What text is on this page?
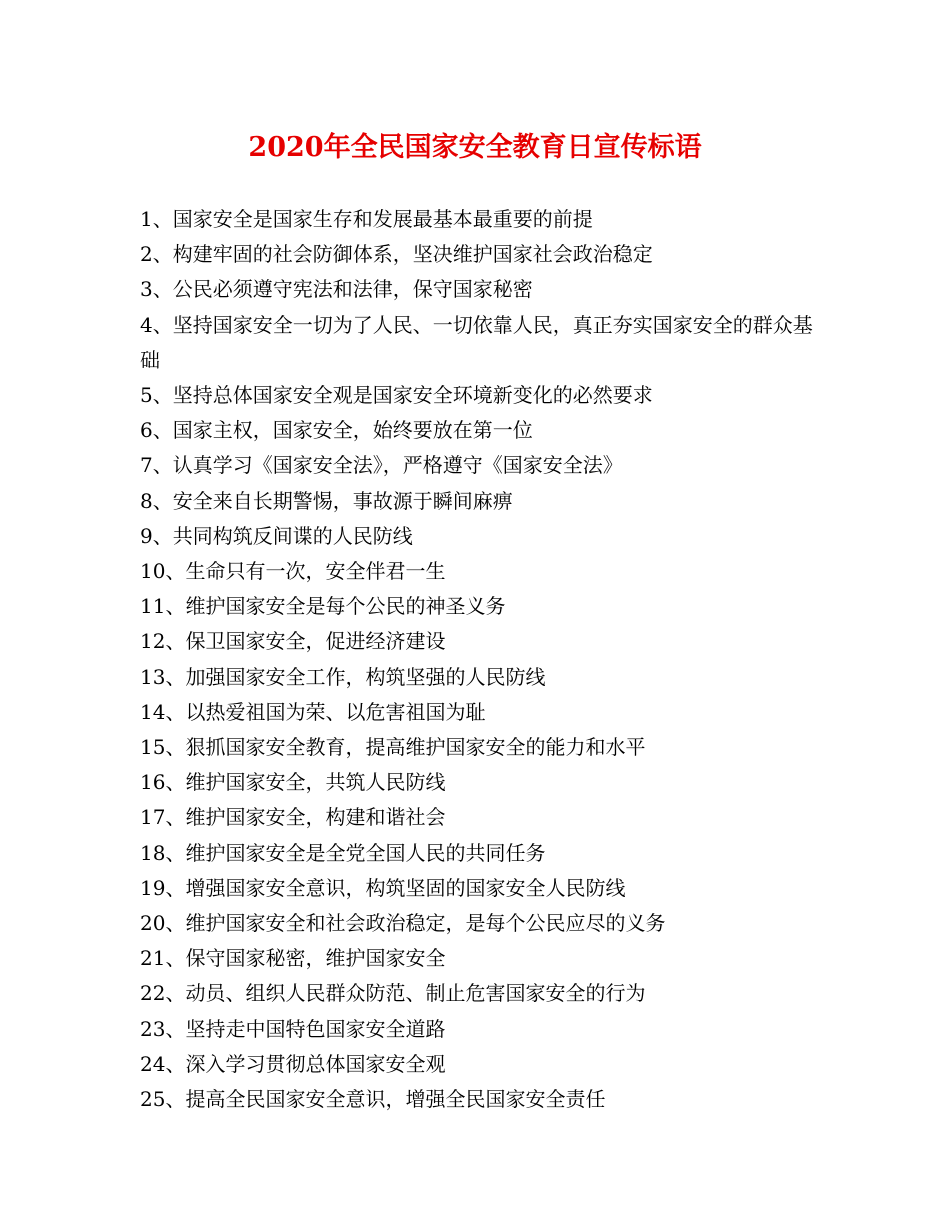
2020年全民国家安全教育日宣传标语
1、国家安全是国家生存和发展最基本最重要的前提
2、构建牢固的社会防御体系，坚决维护国家社会政治稳定
3、公民必须遵守宪法和法律，保守国家秘密
4、坚持国家安全一切为了人民、一切依靠人民，真正夯实国家安全的群众基础
5、坚持总体国家安全观是国家安全环境新变化的必然要求
6、国家主权，国家安全，始终要放在第一位
7、认真学习《国家安全法》，严格遵守《国家安全法》
8、安全来自长期警惕，事故源于瞬间麻痹
9、共同构筑反间谍的人民防线
10、生命只有一次，安全伴君一生
11、维护国家安全是每个公民的神圣义务
12、保卫国家安全，促进经济建设
13、加强国家安全工作，构筑坚强的人民防线
14、以热爱祖国为荣、以危害祖国为耻
15、狠抓国家安全教育，提高维护国家安全的能力和水平
16、维护国家安全，共筑人民防线
17、维护国家安全，构建和谐社会
18、维护国家安全是全党全国人民的共同任务
19、增强国家安全意识，构筑坚固的国家安全人民防线
20、维护国家安全和社会政治稳定，是每个公民应尽的义务
21、保守国家秘密，维护国家安全
22、动员、组织人民群众防范、制止危害国家安全的行为
23、坚持走中国特色国家安全道路
24、深入学习贯彻总体国家安全观
25、提高全民国家安全意识，增强全民国家安全责任
